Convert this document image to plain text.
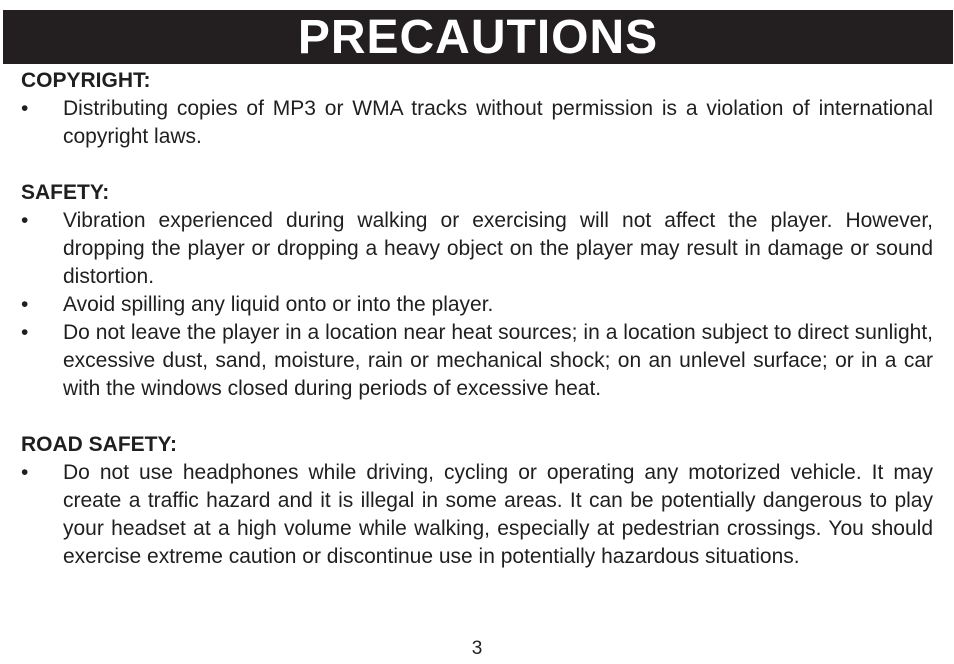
PRECAUTIONS

COPYRIGHT:

• Distributing copies of MP3 or WMA tracks without permission is a violation of international copyright laws.

SAFETY:

• Vibration experienced during walking or exercising will not affect the player. However, dropping the player or dropping a heavy object on the player may result in damage or sound distortion.
• Avoid spilling any liquid onto or into the player.
• Do not leave the player in a location near heat sources; in a location subject to direct sunlight, excessive dust, sand, moisture, rain or mechanical shock; on an unlevel surface; or in a car with the windows closed during periods of excessive heat.

ROAD SAFETY:

• Do not use headphones while driving, cycling or operating any motorized vehicle. It may create a traffic hazard and it is illegal in some areas. It can be potentially dangerous to play your headset at a high volume while walking, especially at pedestrian crossings. You should exercise extreme caution or discontinue use in potentially hazardous situations.
3
